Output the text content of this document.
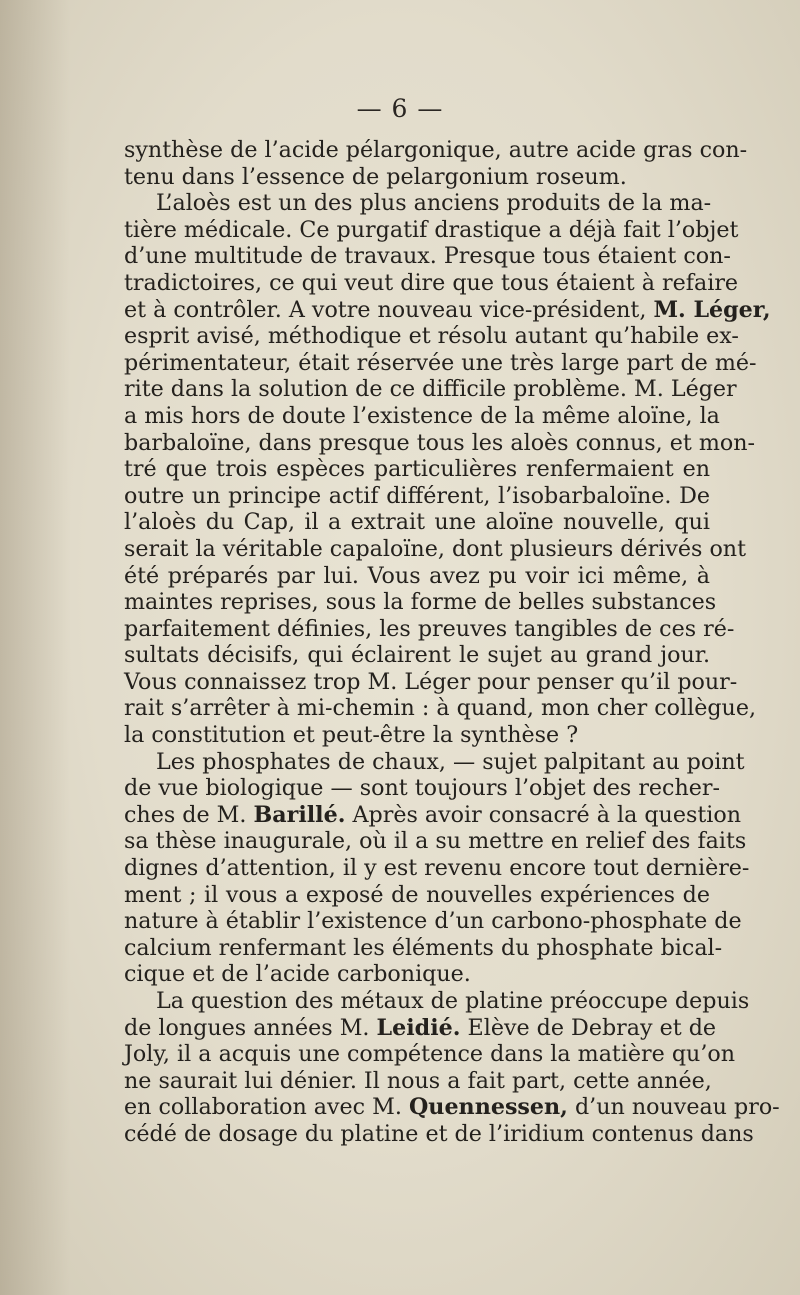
— 6 —
synthèse de l’acide pélargonique, autre acide gras con-
tenu dans l’essence de pelargonium roseum.
L’aloès est un des plus anciens produits de la ma-
tière médicale. Ce purgatif drastique a déjà fait l’objet
d’une multitude de travaux. Presque tous étaient con-
tradictoires, ce qui veut dire que tous étaient à refaire
et à contrôler. A votre nouveau vice-président, M. Léger,
esprit avisé, méthodique et résolu autant qu’habile ex-
périmentateur, était réservée une très large part de mé-
rite dans la solution de ce difficile problème. M. Léger
a mis hors de doute l’existence de la même aloïne, la
barbaloïne, dans presque tous les aloès connus, et mon-
tré que trois espèces particulières renfermaient en
outre un principe actif différent, l’isobarbaloïne. De
l’aloès du Cap, il a extrait une aloïne nouvelle, qui
serait la véritable capaloïne, dont plusieurs dérivés ont
été préparés par lui. Vous avez pu voir ici même, à
maintes reprises, sous la forme de belles substances
parfaitement définies, les preuves tangibles de ces ré-
sultats décisifs, qui éclairent le sujet au grand jour.
Vous connaissez trop M. Léger pour penser qu’il pour-
rait s’arrêter à mi-chemin : à quand, mon cher collègue,
la constitution et peut-être la synthèse ?
Les phosphates de chaux, — sujet palpitant au point
de vue biologique — sont toujours l’objet des recher-
ches de M. Barillé. Après avoir consacré à la question
sa thèse inaugurale, où il a su mettre en relief des faits
dignes d’attention, il y est revenu encore tout dernière-
ment ; il vous a exposé de nouvelles expériences de
nature à établir l’existence d’un carbono-phosphate de
calcium renfermant les éléments du phosphate bical-
cique et de l’acide carbonique.
La question des métaux de platine préoccupe depuis
de longues années M. Leidié. Elève de Debray et de
Joly, il a acquis une compétence dans la matière qu’on
ne saurait lui dénier. Il nous a fait part, cette année,
en collaboration avec M. Quennessen, d’un nouveau pro-
cédé de dosage du platine et de l’iridium contenus dans
